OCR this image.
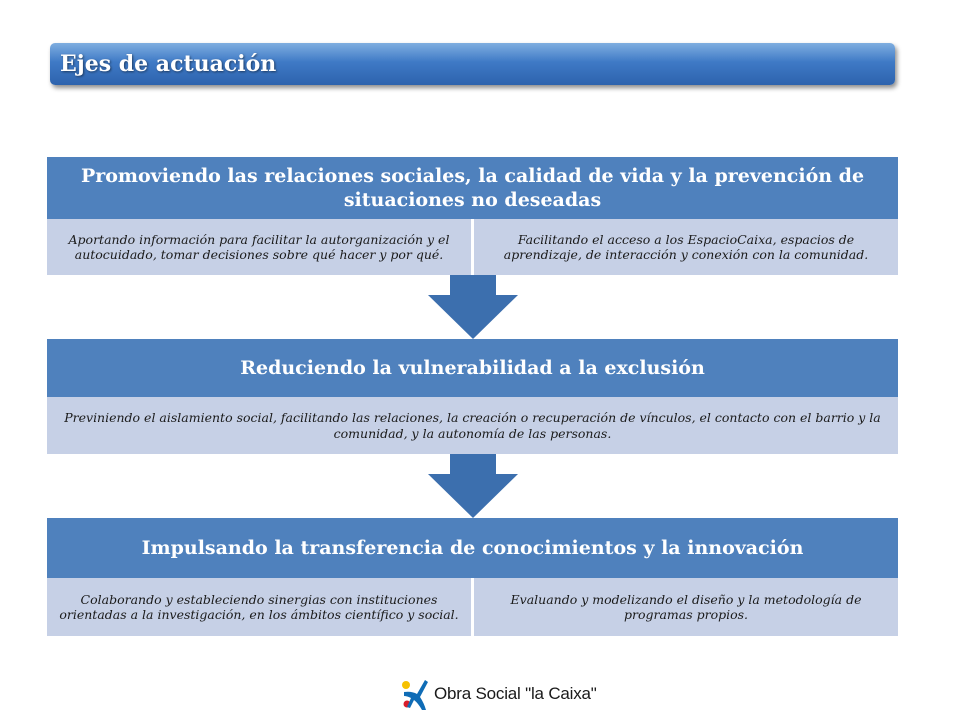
Ejes de actuación
Promoviendo las relaciones sociales, la calidad de vida y la prevención de situaciones no deseadas
Aportando información para facilitar la autorganización y el autocuidado, tomar decisiones sobre qué hacer y por qué.
Facilitando el acceso a los EspacioCaixa, espacios de aprendizaje, de interacción y conexión con la comunidad.
Reduciendo la vulnerabilidad a la exclusión
Previniendo el aislamiento social, facilitando las relaciones, la creación o recuperación de vínculos, el contacto con el barrio y la comunidad, y la autonomía de las personas.
Impulsando la transferencia de conocimientos y la innovación
Colaborando y estableciendo sinergias con instituciones orientadas a la investigación, en los ámbitos científico y social.
Evaluando y modelizando el diseño y la metodología de programas propios.
Obra Social "la Caixa"
